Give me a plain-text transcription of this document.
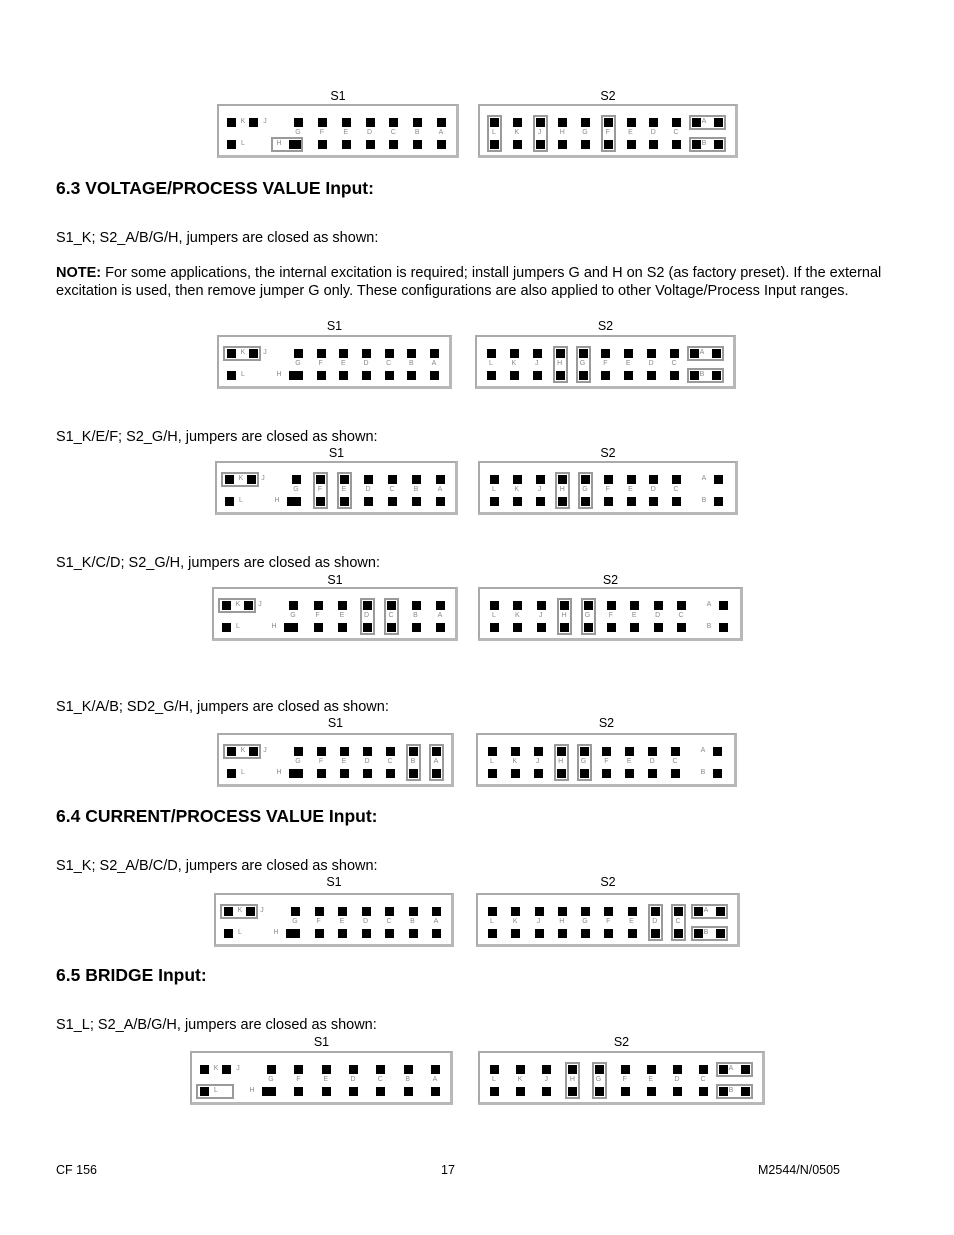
6.3 VOLTAGE/PROCESS VALUE Input:
S1_K; S2_A/B/G/H, jumpers are closed as shown:
NOTE: For some applications, the internal excitation is required; install jumpers G and H on S2 (as factory preset). If the external excitation is used, then remove jumper G only. These configurations are also applied to other Voltage/Process Input ranges.
S1_K/E/F; S2_G/H, jumpers are closed as shown:
S1_K/C/D; S2_G/H, jumpers are closed as shown:
S1_K/A/B; SD2_G/H, jumpers are closed as shown:
6.4 CURRENT/PROCESS VALUE Input:
S1_K; S2_A/B/C/D, jumpers are closed as shown:
6.5 BRIDGE Input:
S1_L; S2_A/B/G/H, jumpers are closed as shown:
S1
L	H
K	J
G	F	E	D	C	B	A
S2
L	K	J	H	G	F	E	D	C
A
B
S1
L	H
K	J
G	F	E	D	C	B	A
S2
L	K	J	H	G	F	E	D	C
A
B
S1
L	H
K	J
G	F	E	D	C	B	A
S2
L	K	J	H	G	F	E	D	C
A
B
S1
L	H
K	J
G	F	E	D	C	B	A
S2
L	K	J	H	G	F	E	D	C
A
B
S1
L	H
K	J
G	F	E	D	C	B	A
S2
L	K	J	H	G	F	E	D	C
A
B
S1
L	H
K	J
G	F	E	D	C	B	A
S2
L	K	J	H	G	F	E	D	C
A
B
S1
L	H
K	J
G	F	E	D	C	B	A
S2
L	K	J	H	G	F	E	D	C
A
B
CF 156	17	M2544/N/0505
